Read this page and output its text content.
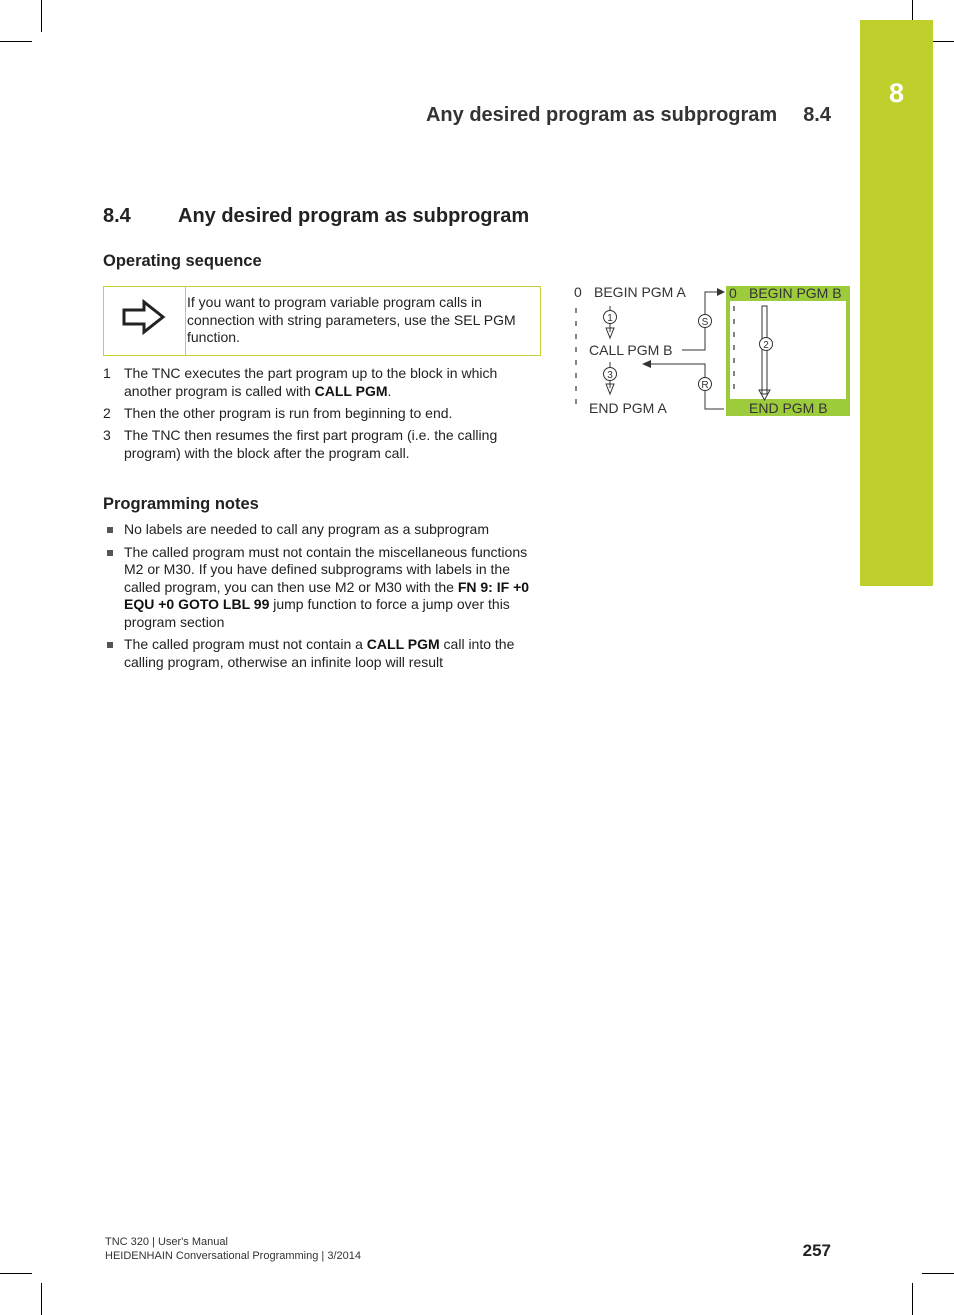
8
Any desired program as subprogram 8.4
8.4 Any desired program as subprogram
Operating sequence
If you want to program variable program calls in connection with string parameters, use the SEL PGM function.
1 The TNC executes the part program up to the block in which another program is called with CALL PGM.
2 Then the other program is run from beginning to end.
3 The TNC then resumes the first part program (i.e. the calling program) with the block after the program call.
Programming notes
No labels are needed to call any program as a subprogram
The called program must not contain the miscellaneous functions M2 or M30. If you have defined subprograms with labels in the called program, you can then use M2 or M30 with the FN 9: IF +0 EQU +0 GOTO LBL 99 jump function to force a jump over this program section
The called program must not contain a CALL PGM call into the calling program, otherwise an infinite loop will result
0 BEGIN PGM A
CALL PGM B
END PGM A
0 BEGIN PGM B
END PGM B
1
3
S
R
2
TNC 320 | User's Manual
HEIDENHAIN Conversational Programming | 3/2014	257
